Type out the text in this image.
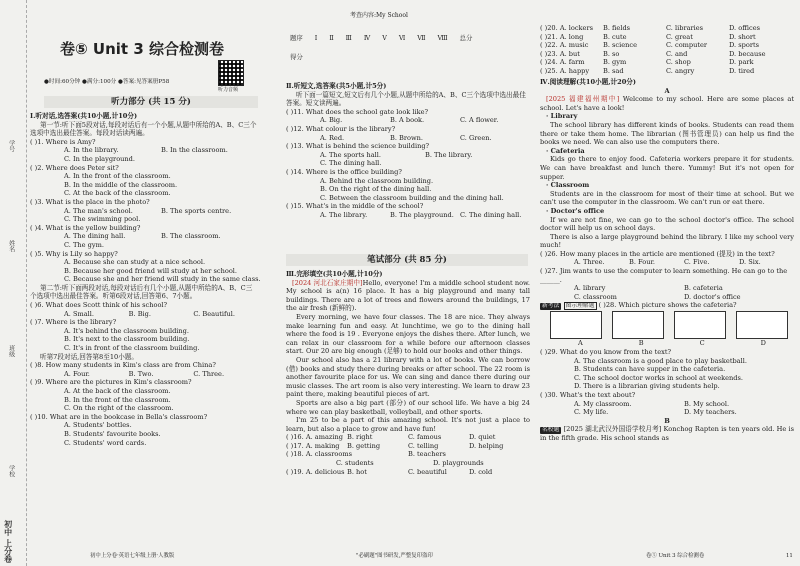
学号
姓名
班级
学校
初中 上分卷
卷⑤ Unit 3 综合检测卷
●时间:60分钟 ●满分:100分 ●答案:见答案册P58
听力音频
听力部分 (共 15 分)
Ⅰ.听对话,选答案(共10小题,计10分)
第一节:听下面5段对话,每段对话后有一个小题,从题中所给的A、B、C三个选项中选出最佳答案。每段对话读两遍。
( )1. Where is Amy?
A. In the library.	B. In the classroom.
C. In the playground.
( )2. Where does Peter sit?
A. In the front of the classroom.
B. In the middle of the classroom.
C. At the back of the classroom.
( )3. What is the place in the photo?
A. The man's school.	B. The sports centre.
C. The swimming pool.
( )4. What is the yellow building?
A. The dining hall.	B. The classroom.
C. The gym.
( )5. Why is Lily so happy?
A. Because she can study at a nice school.
B. Because her good friend will study at her school.
C. Because she and her friend will study in the same class.
第二节:听下面两段对话,每段对话后有几个小题,从题中所给的A、B、C三个选项中选出最佳答案。听第6段对话,回答第6、7小题。
( )6. What does Scott think of his school?
A. Small.	B. Big.	C. Beautiful.
( )7. Where is the library?
A. It's behind the classroom building.
B. It's next to the classroom building.
C. It's in front of the classroom building.
听第7段对话,回答第8至10小题。
( )8. How many students in Kim's class are from China?
A. Four.	B. Two.	C. Three.
( )9. Where are the pictures in Kim's classroom?
A. At the back of the classroom.
B. In the front of the classroom.
C. On the right of the classroom.
( )10. What are in the bookcase in Bella's classroom?
A. Students' bottles.
B. Students' favourite books.
C. Students' word cards.
初中上分卷·英语七年级上册·人教版
考查内容:My School
题序	Ⅰ	Ⅱ	Ⅲ	Ⅳ	Ⅴ	Ⅵ	Ⅶ	Ⅷ	总分
得分
Ⅱ.听短文,选答案(共5小题,计5分)
听下面一篇短文,短文后有几个小题,从题中所给的A、B、C三个选项中选出最佳答案。短文读两遍。
( )11. What does the school gate look like?
A. Big.	B. A book.	C. A flower.
( )12. What colour is the library?
A. Red.	B. Brown.	C. Green.
( )13. What is behind the science building?
A. The sports hall.	B. The library.
C. The dining hall.
( )14. Where is the office building?
A. Behind the classroom building.
B. On the right of the dining hall.
C. Between the classroom building and the dining hall.
( )15. What's in the middle of the school?
A. The library.	B. The playground. C. The dining hall.
笔试部分 (共 85 分)
Ⅲ.完形填空(共10小题,计10分)
[2024 河北石家庄期中]Hello, everyone! I'm a middle school student now. My school is a(n) 16 place. It has a big playground and many tall buildings. There are a lot of trees and flowers around the buildings, 17 the air fresh (新鲜的).
Every morning, we have four classes. The 18 are nice. They always make learning fun and easy. At lunchtime, we go to the dining hall where the food is 19 . Everyone enjoys the dishes there. After lunch, we can relax in our classroom for a while before our afternoon classes start. Our 20 are big enough (足够) to hold our books and other things.
Our school also has a 21 library with a lot of books. We can borrow (借) books and study there during breaks or after school. The 22 room is another favourite place for us. We can sing and dance there during our music classes. The art room is also very interesting. We learn to draw 23 paint there, making beautiful pieces of art.
Sports are also a big part (部分) of our school life. We have a big 24 where we can play basketball, volleyball, and other sports.
I'm 25 to be a part of this amazing school. It's not just a place to learn, but also a place to grow and have fun!
( )16. A. amazing B. right	C. famous	D. quiet
( )17. A. making	B. getting	C. telling	D. helping
( )18. A. classrooms	B. teachers
C. students	D. playgrounds
( )19. A. delicious B. hot	C. beautiful	D. cold
"必刷题"图书研发,严整复印盗印
( )20. A. lockers	B. fields	C. libraries	D. offices
( )21. A. long	B. cute	C. great	D. short
( )22. A. music	B. science	C. computer	D. sports
( )23. A. but	B. so	C. and	D. because
( )24. A. farm	B. gym	C. shop	D. park
( )25. A. happy	B. sad	C. angry	D. tired
Ⅳ.阅读理解(共10小题,计20分)
A
[2025 福建福州期中] Welcome to my school. Here are some places at school. Let's have a look!
· Library
The school library has different kinds of books. Students can read them there or take them home. The librarian (图书管理员) can help us find the books we need. We can also use the computers there.
· Cafeteria
Kids go there to enjoy food. Cafeteria workers prepare it for students. We can have breakfast and lunch there. Yummy! But it's not open for supper.
· Classroom
Students are in the classroom for most of their time at school. But we can't use the computer in the classroom. We can't run or eat there.
· Doctor's office
If we are not fine, we can go to the school doctor's office. The school doctor will help us on school days.
There is also a large playground behind the library. I like my school very much!
( )26. How many places in the article are mentioned (提及) in the text?
A. Three.	B. Four.	C. Five.	D. Six.
( )27. Jim wants to use the computer to learn something. He can go to the ______.
A. library	B. cafeteria
C. classroom	D. doctor's office
新考法 图示理解题 ( )28. Which picture shows the cafeteria?
A	B	C	D
( )29. What do you know from the text?
A. The classroom is a good place to play basketball.
B. Students can have supper in the cafeteria.
C. The school doctor works in school at weekends.
D. There is a librarian giving students help.
( )30. What's the text about?
A. My classroom.	B. My school.
C. My life.	D. My teachers.
B
名校题 [2025 湖北武汉外国语学校月考] Konchog Rapten is ten years old. He is in the fifth grade. His school stands as
卷⑤ Unit 3 综合检测卷	11
